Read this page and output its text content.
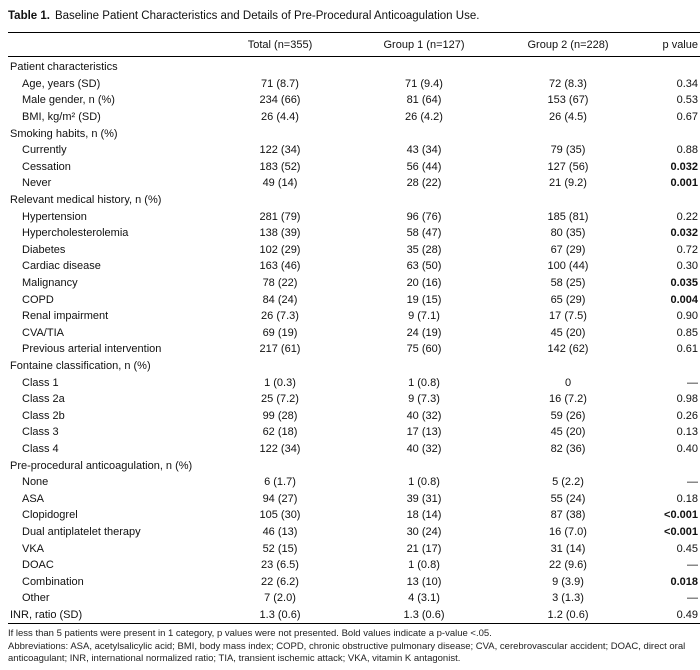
Table 1. Baseline Patient Characteristics and Details of Pre-Procedural Anticoagulation Use.
	Total (n=355)	Group 1 (n=127)	Group 2 (n=228)	p value
Patient characteristics				
Age, years (SD)	71 (8.7)	71 (9.4)	72 (8.3)	0.34
Male gender, n (%)	234 (66)	81 (64)	153 (67)	0.53
BMI, kg/m² (SD)	26 (4.4)	26 (4.2)	26 (4.5)	0.67
Smoking habits, n (%)				
Currently	122 (34)	43 (34)	79 (35)	0.88
Cessation	183 (52)	56 (44)	127 (56)	0.032
Never	49 (14)	28 (22)	21 (9.2)	0.001
Relevant medical history, n (%)				
Hypertension	281 (79)	96 (76)	185 (81)	0.22
Hypercholesterolemia	138 (39)	58 (47)	80 (35)	0.032
Diabetes	102 (29)	35 (28)	67 (29)	0.72
Cardiac disease	163 (46)	63 (50)	100 (44)	0.30
Malignancy	78 (22)	20 (16)	58 (25)	0.035
COPD	84 (24)	19 (15)	65 (29)	0.004
Renal impairment	26 (7.3)	9 (7.1)	17 (7.5)	0.90
CVA/TIA	69 (19)	24 (19)	45 (20)	0.85
Previous arterial intervention	217 (61)	75 (60)	142 (62)	0.61
Fontaine classification, n (%)				
Class 1	1 (0.3)	1 (0.8)	0	—
Class 2a	25 (7.2)	9 (7.3)	16 (7.2)	0.98
Class 2b	99 (28)	40 (32)	59 (26)	0.26
Class 3	62 (18)	17 (13)	45 (20)	0.13
Class 4	122 (34)	40 (32)	82 (36)	0.40
Pre-procedural anticoagulation, n (%)				
None	6 (1.7)	1 (0.8)	5 (2.2)	—
ASA	94 (27)	39 (31)	55 (24)	0.18
Clopidogrel	105 (30)	18 (14)	87 (38)	<0.001
Dual antiplatelet therapy	46 (13)	30 (24)	16 (7.0)	<0.001
VKA	52 (15)	21 (17)	31 (14)	0.45
DOAC	23 (6.5)	1 (0.8)	22 (9.6)	—
Combination	22 (6.2)	13 (10)	9 (3.9)	0.018
Other	7 (2.0)	4 (3.1)	3 (1.3)	—
INR, ratio (SD)	1.3 (0.6)	1.3 (0.6)	1.2 (0.6)	0.49
If less than 5 patients were present in 1 category, p values were not presented. Bold values indicate a p-value <.05.
Abbreviations: ASA, acetylsalicylic acid; BMI, body mass index; COPD, chronic obstructive pulmonary disease; CVA, cerebrovascular accident; DOAC, direct oral anticoagulant; INR, international normalized ratio; TIA, transient ischemic attack; VKA, vitamin K antagonist.
